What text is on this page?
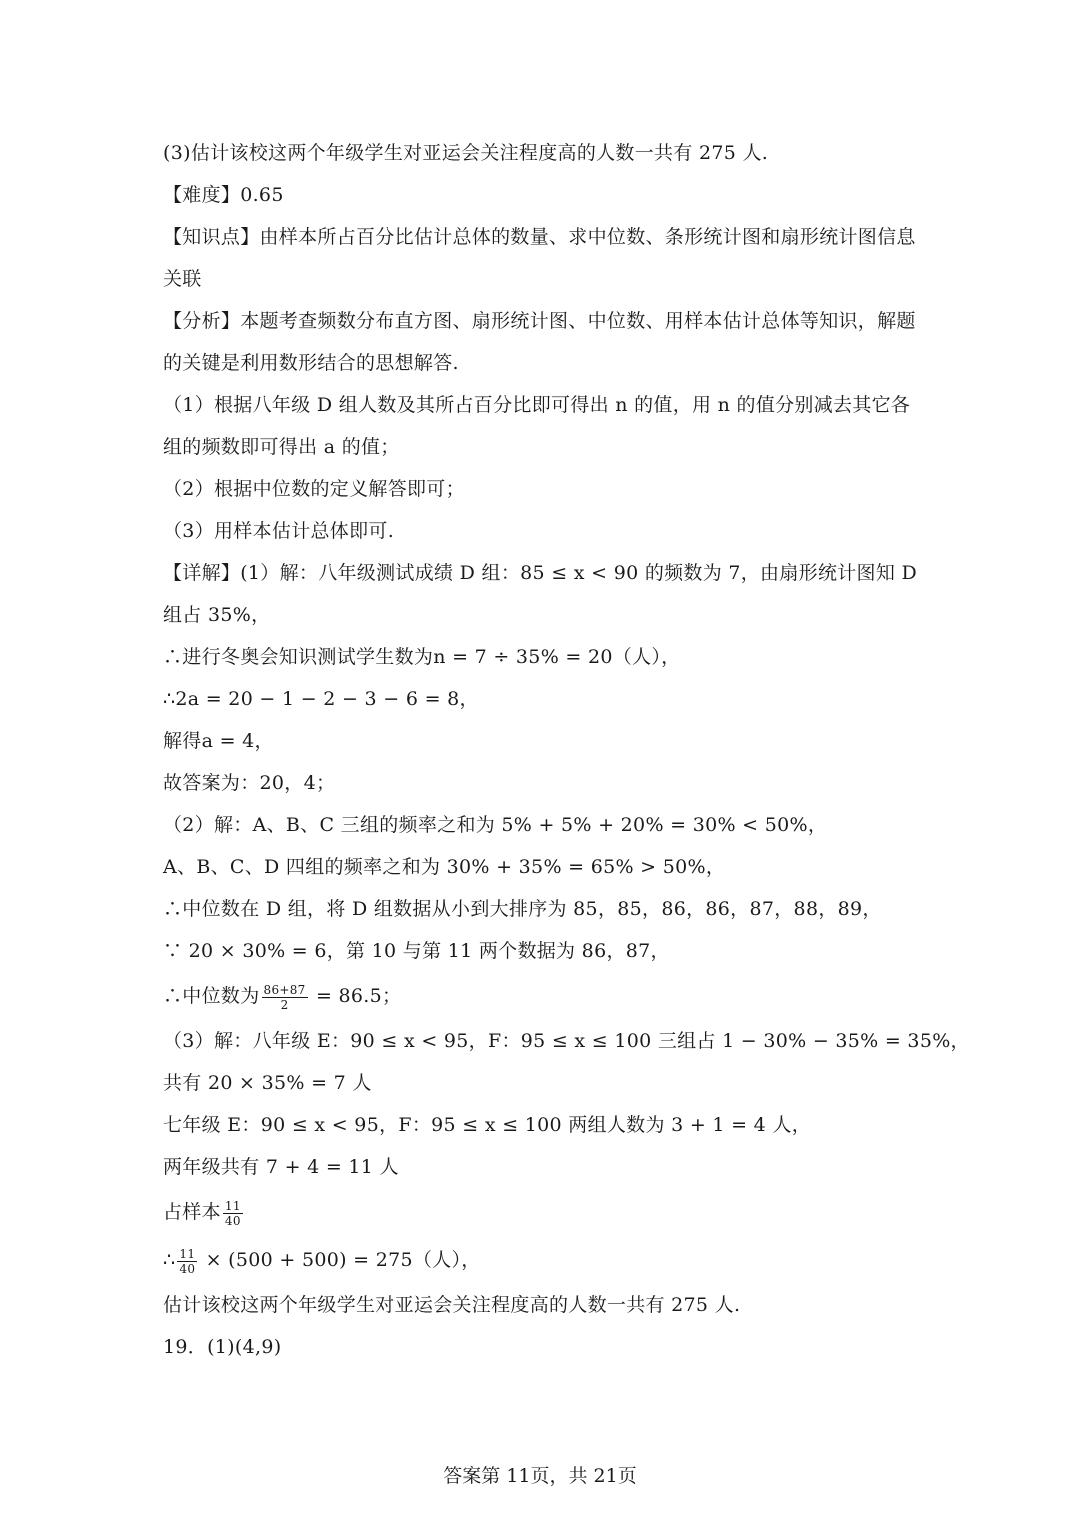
(3)估计该校这两个年级学生对亚运会关注程度高的人数一共有 275 人.
【难度】0.65
【知识点】由样本所占百分比估计总体的数量、求中位数、条形统计图和扇形统计图信息关联
【分析】本题考查频数分布直方图、扇形统计图、中位数、用样本估计总体等知识，解题的关键是利用数形结合的思想解答.
（1）根据八年级 D 组人数及其所占百分比即可得出 n 的值，用 n 的值分别减去其它各组的频数即可得出 a 的值；
（2）根据中位数的定义解答即可；
（3）用样本估计总体即可.
【详解】(1）解：八年级测试成绩 D 组：85 ≤ x < 90 的频数为 7，由扇形统计图知 D 组占 35%，
∴进行冬奥会知识测试学生数为n = 7 ÷ 35% = 20（人），
∴2a = 20 − 1 − 2 − 3 − 6 = 8，
解得a = 4，
故答案为：20，4；
（2）解：A、B、C 三组的频率之和为 5% + 5% + 20% = 30% < 50%，
A、B、C、D 四组的频率之和为 30% + 35% = 65% > 50%，
∴中位数在 D 组，将 D 组数据从小到大排序为 85，85，86，86，87，88，89，
∵ 20 × 30% = 6，第 10 与第 11 两个数据为 86，87，
∴中位数为 $\frac{86+87}{2} = 86.5$；
（3）解：八年级 E：90 ≤ x < 95，F：95 ≤ x ≤ 100 三组占 1 − 30% − 35% = 35%，
共有 20 × 35% = 7 人
七年级 E：90 ≤ x < 95，F：95 ≤ x ≤ 100 两组人数为 3 + 1 = 4 人，
两年级共有 7 + 4 = 11 人
占样本 $\frac{11}{40}$
∴ $\frac{11}{40} \times (500 + 500) = 275$（人），
估计该校这两个年级学生对亚运会关注程度高的人数一共有 275 人.
19．(1)(4,9)
答案第 11页，共 21页
